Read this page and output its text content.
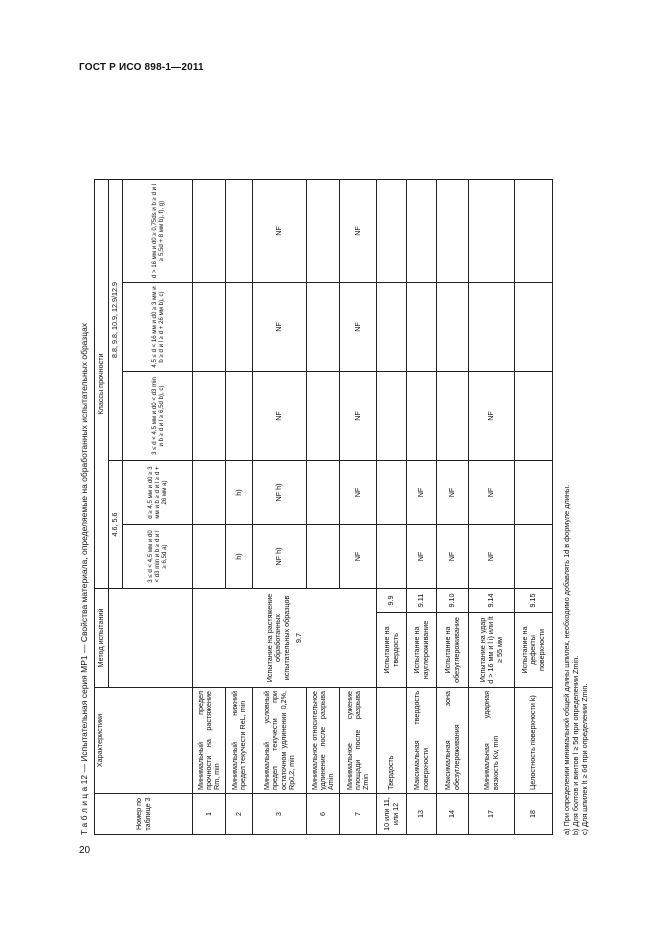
ГОСТ Р ИСО 898-1—2011
20
Т а б л и ц а 12 — Испытательная серия МР1 — Свойства материала, определяемые на обработанных испытательных образцах	Номер по таблице 3	Характеристики	Метод испытаний		Классы прочности				
				4.6, 5.6		8.8, 9.8, 10.9, 12.9/12.9		
				3 ≤ d < 4,5 мм и d0 < d3 min и b ≥ d и l ≥ 6,5d a)	d ≥ 4,5 мм и d0 ≥ 3 мм и b ≥ d и l ≥ d + 26 мм a)	3 ≤ d < 4,5 мм и d0 < d3 min и b ≥ d и l ≥ 6,5d b), c)	4,5 ≤ d < 16 мм и d0 ≥ 3 мм и b ≥ d и l ≥ d + 26 мм b), c)	d > 16 мм и d0 ≥ 0,75ds и b ≥ d и l ≥ 5,5d + 8 мм b), f), g)
1	Минимальный предел прочности на растяжение Rm, min	Испытание на растяжение обработанных испытательных образцов 9.7						

2	Минимальный нижний предел текучести ReL, min			h)	h)			
3	Минимальный условный предел текучести при остаточном удлинении 0,2%, Rp0,2, min			NF h)	NF h)	NF	NF	NF
6	Минимальное относительное удлинение после разрыва Amin							
7	Минимальное сужение площади после разрыва Zmin			NF	NF	NF	NF	NF
10 или 11, или 12	Твердость	Испытание на твердость	9.9					
13	Максимальная твердость поверхности	Испытание на науглероживание	9.11	NF	NF			
14	Максимальная зона обезуглероживания	Испытание на обезуглероживание	9.10	NF	NF			
17	Минимальная ударная вязкость Kv, min	Испытание на удар d > 16 мм и l i) или lt ≥ 55 мм	9.14	NF	NF	NF		
18	Целостность поверхности k)	Испытание на дефекты поверхности	9.15						a) При определении минимальной общей длины шпилек, необходимо добавлять 1d в формуле длины. b) Для болтов и винтов l ≥ 5d при определении Zmin. c) Для шпилек lt ≥ 6d при определении Zmin.
